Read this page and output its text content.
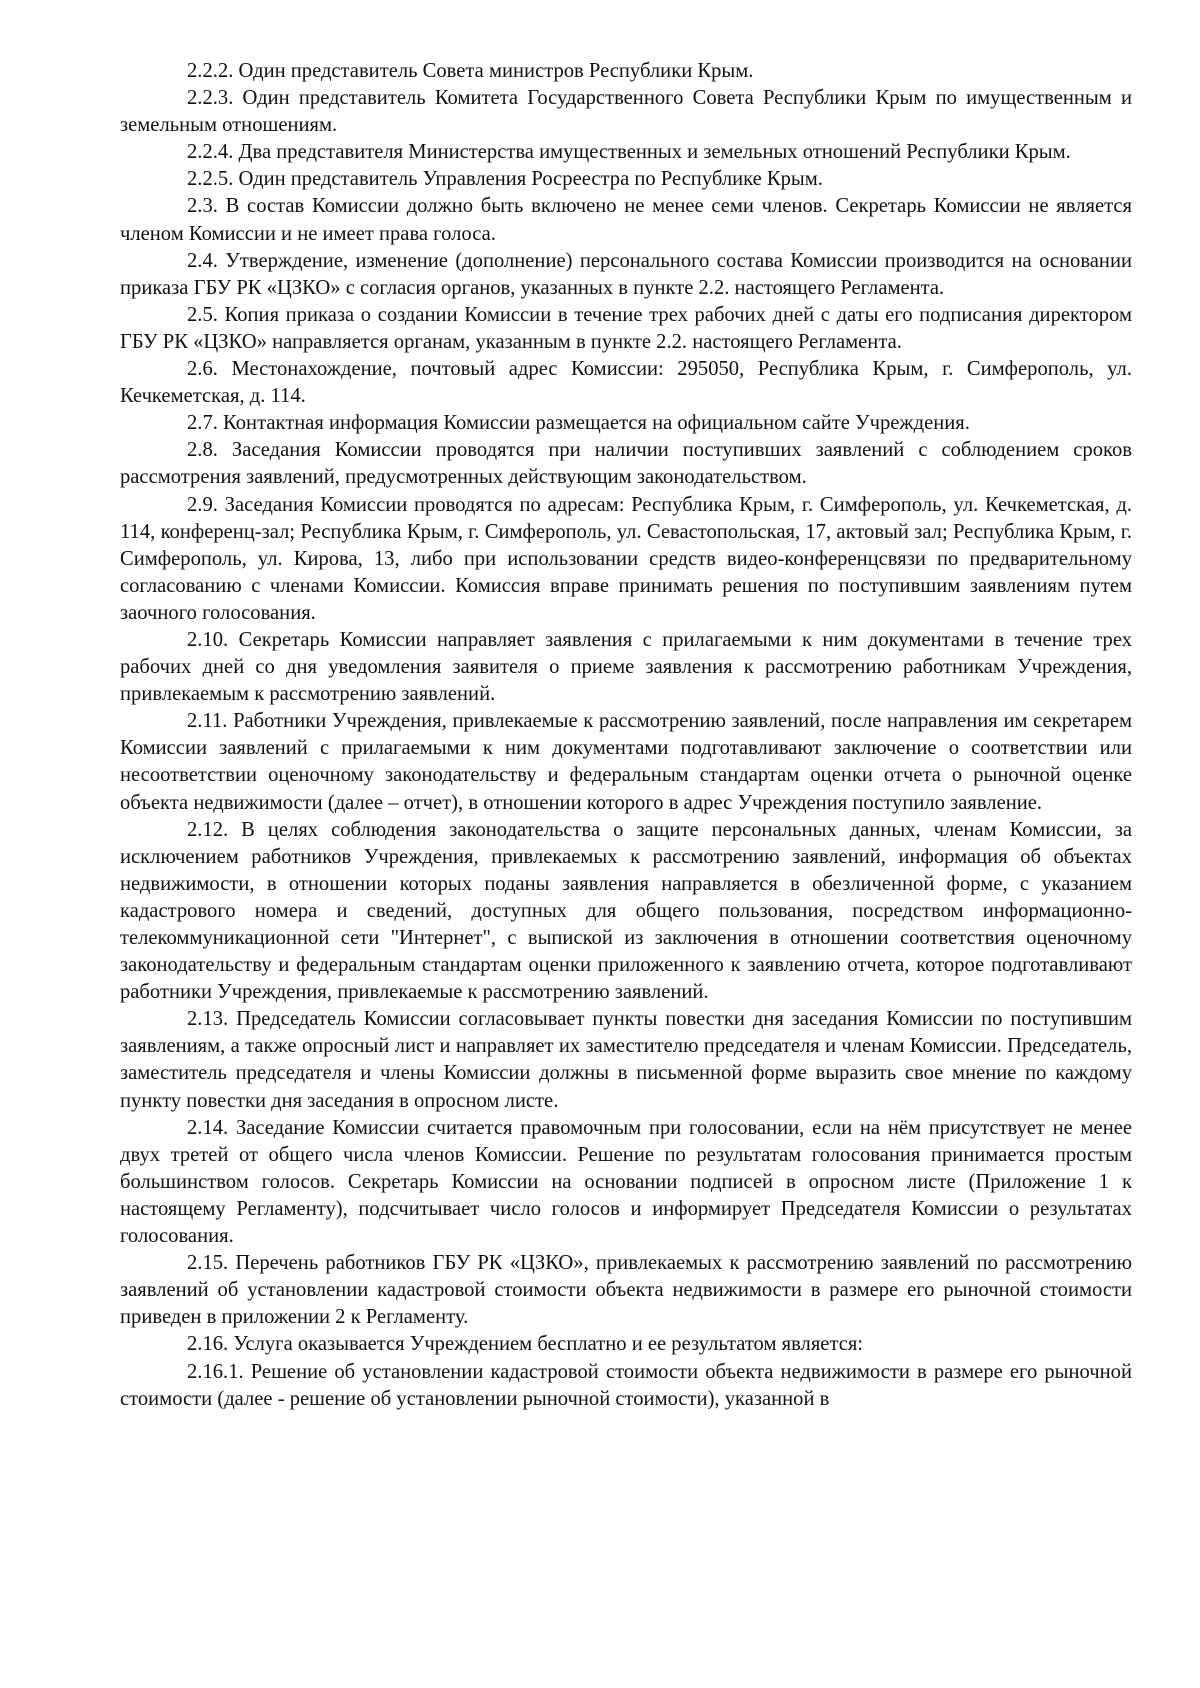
2.2.2. Один представитель Совета министров Республики Крым.

2.2.3. Один представитель Комитета Государственного Совета Республики Крым по имущественным и земельным отношениям.

2.2.4. Два представителя Министерства имущественных и земельных отношений Республики Крым.

2.2.5. Один представитель Управления Росреестра по Республике Крым.

2.3. В состав Комиссии должно быть включено не менее семи членов. Секретарь Комиссии не является членом Комиссии и не имеет права голоса.

2.4. Утверждение, изменение (дополнение) персонального состава Комиссии производится на основании приказа ГБУ РК «ЦЗКО» с согласия органов, указанных в пункте 2.2. настоящего Регламента.

2.5. Копия приказа о создании Комиссии в течение трех рабочих дней с даты его подписания директором ГБУ РК «ЦЗКО» направляется органам, указанным в пункте 2.2. настоящего Регламента.

2.6. Местонахождение, почтовый адрес Комиссии: 295050, Республика Крым, г. Симферополь, ул. Кечкеметская, д. 114.

2.7. Контактная информация Комиссии размещается на официальном сайте Учреждения.

2.8. Заседания Комиссии проводятся при наличии поступивших заявлений с соблюдением сроков рассмотрения заявлений, предусмотренных действующим законодательством.

2.9. Заседания Комиссии проводятся по адресам: Республика Крым, г. Симферополь, ул. Кечкеметская, д. 114, конференц-зал; Республика Крым, г. Симферополь, ул. Севастопольская, 17, актовый зал; Республика Крым, г. Симферополь, ул. Кирова, 13, либо при использовании средств видео-конференцсвязи по предварительному согласованию с членами Комиссии. Комиссия вправе принимать решения по поступившим заявлениям путем заочного голосования.

2.10. Секретарь Комиссии направляет заявления с прилагаемыми к ним документами в течение трех рабочих дней со дня уведомления заявителя о приеме заявления к рассмотрению работникам Учреждения, привлекаемым к рассмотрению заявлений.

2.11. Работники Учреждения, привлекаемые к рассмотрению заявлений, после направления им секретарем Комиссии заявлений с прилагаемыми к ним документами подготавливают заключение о соответствии или несоответствии оценочному законодательству и федеральным стандартам оценки отчета о рыночной оценке объекта недвижимости (далее – отчет), в отношении которого в адрес Учреждения поступило заявление.

2.12. В целях соблюдения законодательства о защите персональных данных, членам Комиссии, за исключением работников Учреждения, привлекаемых к рассмотрению заявлений, информация об объектах недвижимости, в отношении которых поданы заявления направляется в обезличенной форме, с указанием кадастрового номера и сведений, доступных для общего пользования, посредством информационно-телекоммуникационной сети "Интернет", с выпиской из заключения в отношении соответствия оценочному законодательству и федеральным стандартам оценки приложенного к заявлению отчета, которое подготавливают работники Учреждения, привлекаемые к рассмотрению заявлений.

2.13. Председатель Комиссии согласовывает пункты повестки дня заседания Комиссии по поступившим заявлениям, а также опросный лист и направляет их заместителю председателя и членам Комиссии. Председатель, заместитель председателя и члены Комиссии должны в письменной форме выразить свое мнение по каждому пункту повестки дня заседания в опросном листе.

2.14. Заседание Комиссии считается правомочным при голосовании, если на нём присутствует не менее двух третей от общего числа членов Комиссии. Решение по результатам голосования принимается простым большинством голосов. Секретарь Комиссии на основании подписей в опросном листе (Приложение 1 к настоящему Регламенту), подсчитывает число голосов и информирует Председателя Комиссии о результатах голосования.

2.15. Перечень работников ГБУ РК «ЦЗКО», привлекаемых к рассмотрению заявлений по рассмотрению заявлений об установлении кадастровой стоимости объекта недвижимости в размере его рыночной стоимости приведен в приложении 2 к Регламенту.

2.16. Услуга оказывается Учреждением бесплатно и ее результатом является:

2.16.1. Решение об установлении кадастровой стоимости объекта недвижимости в размере его рыночной стоимости (далее - решение об установлении рыночной стоимости), указанной в
